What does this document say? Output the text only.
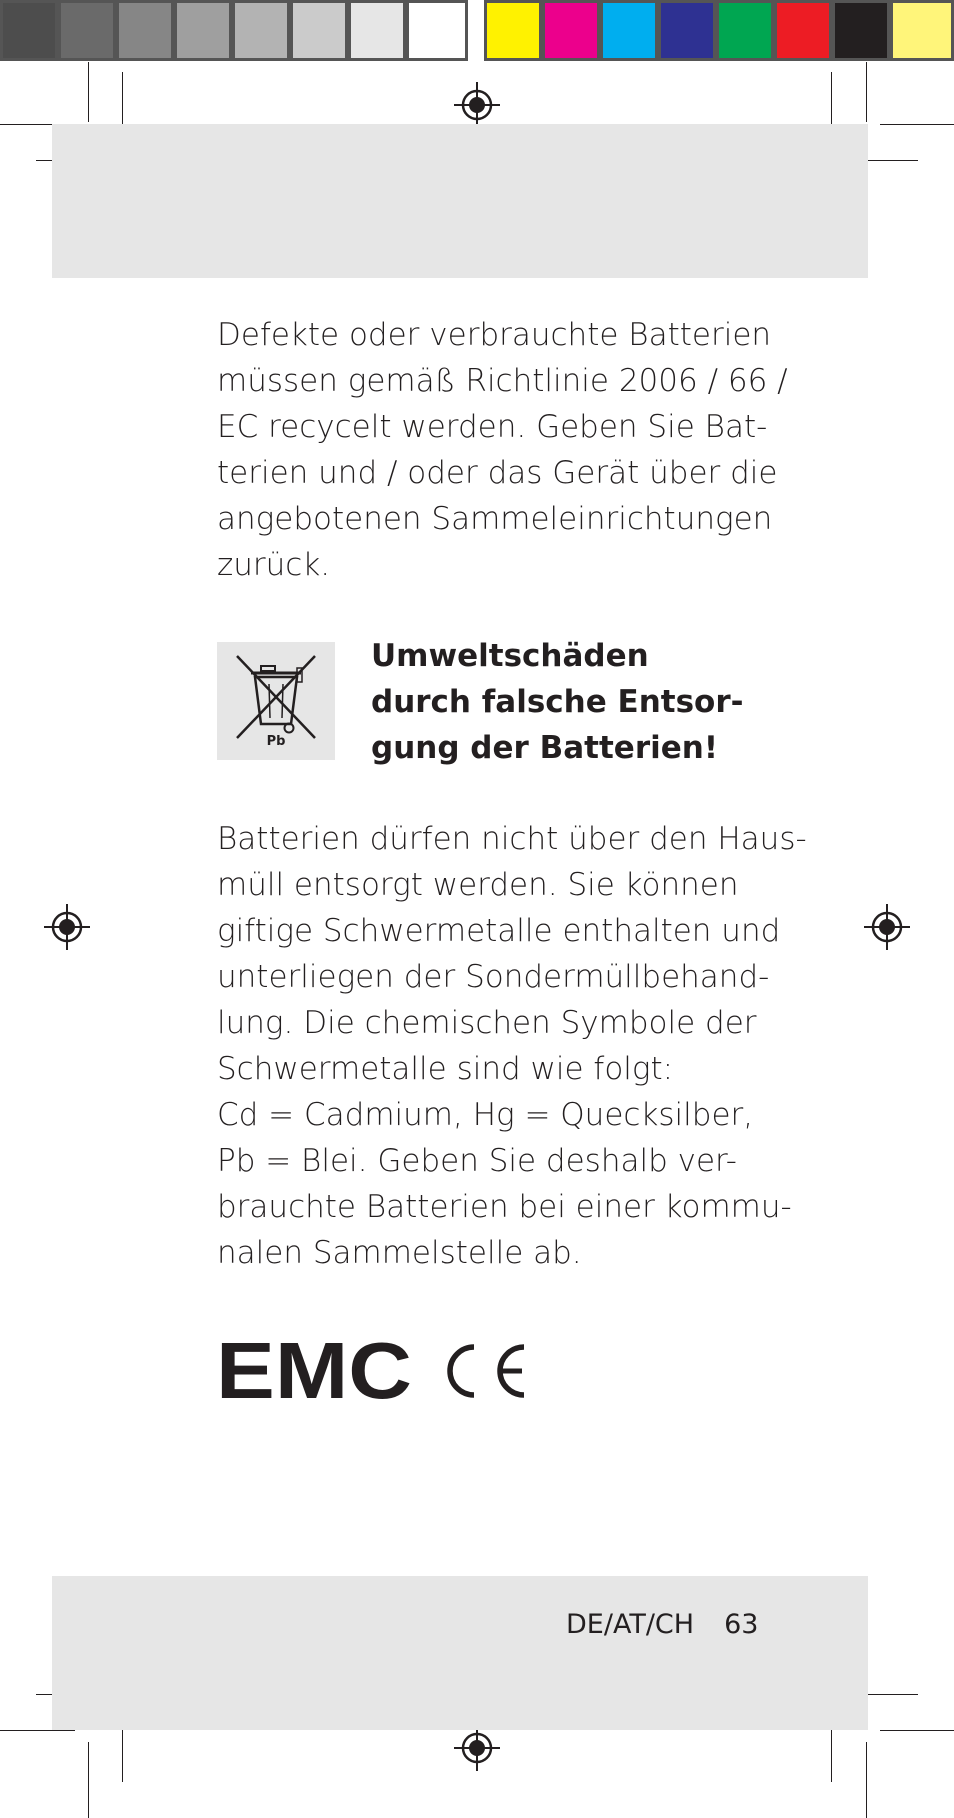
Defekte oder verbrauchte Batterien
müssen gemäß Richtlinie 2006 / 66 /
EC recycelt werden. Geben Sie Bat-
terien und / oder das Gerät über die
angebotenen Sammeleinrichtungen
zurück.
Pb
Umweltschäden
durch falsche Entsor-
gung der Batterien!
Batterien dürfen nicht über den Haus-
müll entsorgt werden. Sie können
giftige Schwermetalle enthalten und
unterliegen der Sondermüllbehand-
lung. Die chemischen Symbole der
Schwermetalle sind wie folgt:
Cd = Cadmium, Hg = Quecksilber,
Pb = Blei. Geben Sie deshalb ver-
brauchte Batterien bei einer kommu-
nalen Sammelstelle ab.
EMC
DE/AT/CH 63
